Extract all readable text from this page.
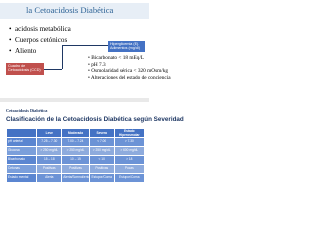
la Cetoacidosis Diabética
• acidosis metabólica
• Cuerpos cetónicos
• Aliento
Hiperglicemia (Ej. Adimentos (mg/dl)
Cuadro de Cetoacidosis (CCD)
• Bicarbonato < 18 mEq/L
• pH 7.3
• Osmolaridad sérica < 320 mOsm/kg
• Alteraciones del estado de conciencia
Cetoacidosis Diabética
Clasificación de la Cetoacidosis Diabética según Severidad
	Leve	Moderada	Severa	Estado Hiperosmolar
pH arterial	7.25 – 7.30	7.00 – 7.24	< 7.00	> 7.30
Glucosa	> 250 mg/dL	> 250 mg/dL	> 250 mg/dL	> 600 mg/dL
Bicarbonato	15 – 18	10 – 15	< 10	> 18
Cetonas	Positivas	Positivas	Positivas	Pocas
Estado mental	Alerta	Alerta/Somnoliento	Estupor/Coma	Estupor/Coma
